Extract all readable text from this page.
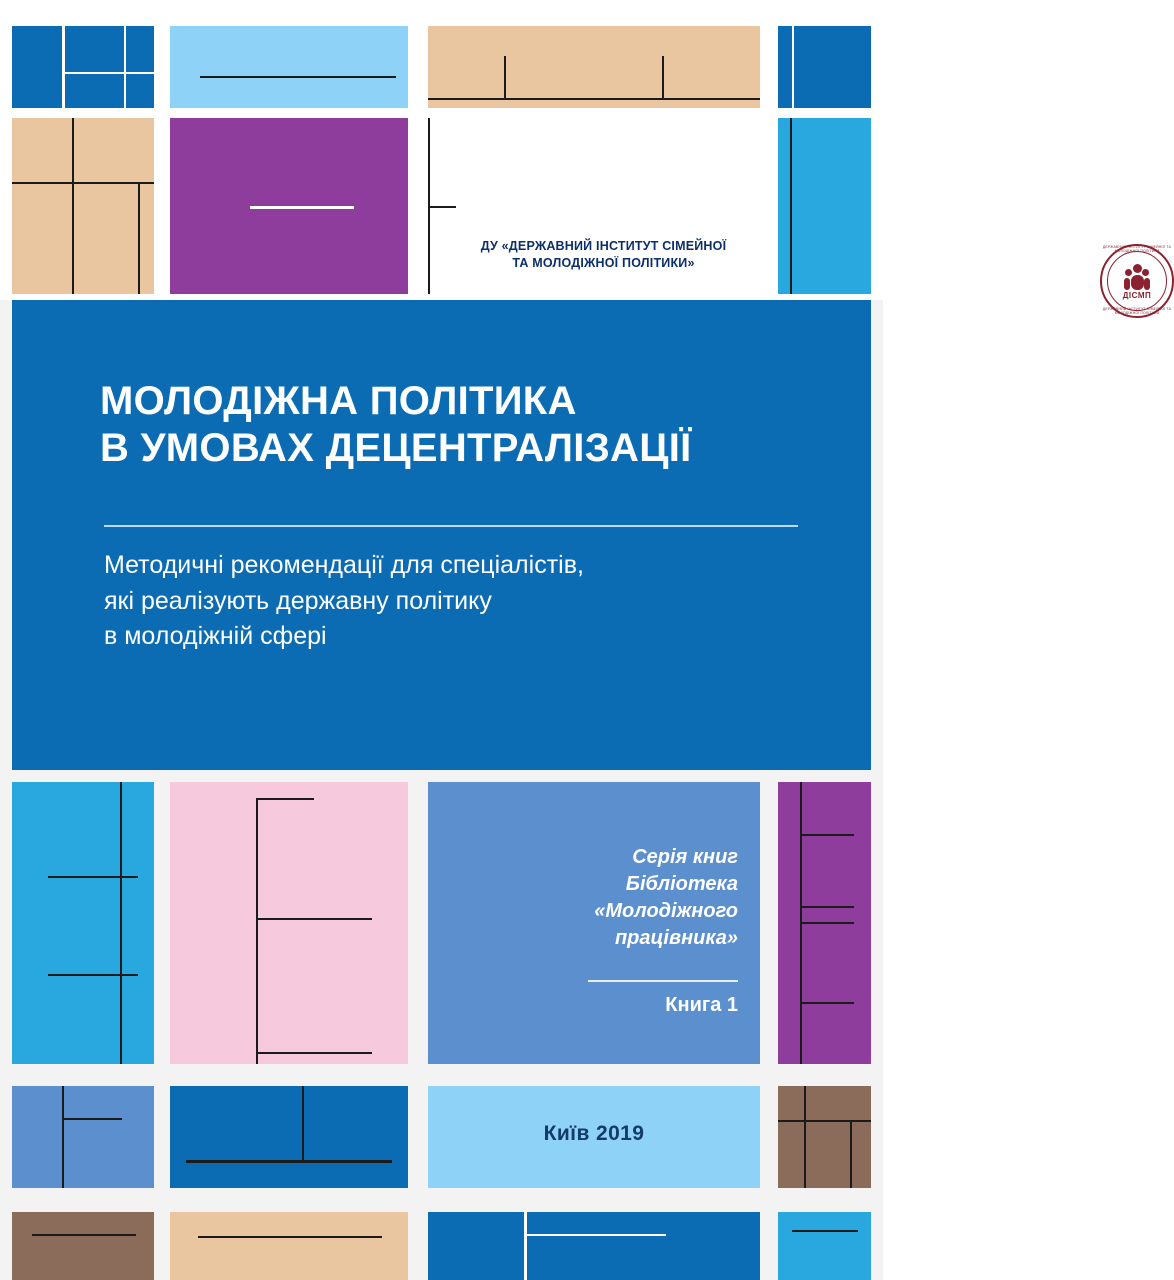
ДЕРЖАВНИЙ ІНСТИТУТ СІМЕЙНОЇ ТА МОЛОДІЖНОЇ ПОЛІТИКИ
ДІСМП
ДЕРЖАВНИЙ ІНСТИТУТ СІМЕЙНОЇ ТА МОЛОДІЖНОЇ ПОЛІТИКИ
ДУ «ДЕРЖАВНИЙ ІНСТИТУТ СІМЕЙНОЇ
ТА МОЛОДІЖНОЇ ПОЛІТИКИ»
МОЛОДІЖНА ПОЛІТИКА
В УМОВАХ ДЕЦЕНТРАЛІЗАЦІЇ
Методичні рекомендації для спеціалістів,
які реалізують державну політику
в молодіжній сфері
Серія книг
Бібліотека
«Молодіжного
працівника»
Книга 1
Київ 2019
